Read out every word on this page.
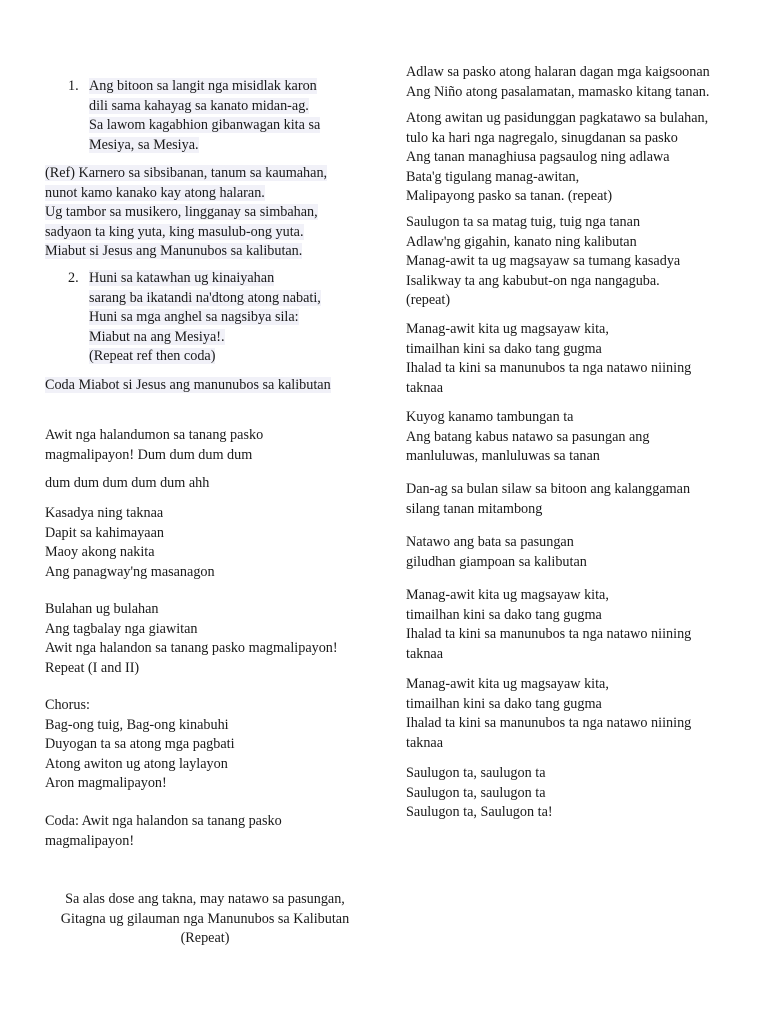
1. Ang bitoon sa langit nga misidlak karon
dili sama kahayag sa kanato midan-ag.
Sa lawom kagabhion gibanwagan kita sa
Mesiya, sa Mesiya.
(Ref) Karnero sa sibsibanan, tanum sa kaumahan,
nunot kamo kanako kay atong halaran.
Ug tambor sa musikero, lingganay sa simbahan,
sadyaon ta king yuta, king masulub-ong yuta.
Miabut si Jesus ang Manunubos sa kalibutan.
2. Huni sa katawhan ug kinaiyahan
sarang ba ikatandi na'dtong atong nabati,
Huni sa mga anghel sa nagsibya sila:
Miabut na ang Mesiya!.
(Repeat ref then coda)
Coda Miabot si Jesus ang manunubos sa kalibutan
Awit nga halandumon sa tanang pasko
magmalipayon! Dum dum dum dum
dum dum dum dum dum ahh
Kasadya ning taknaa
Dapit sa kahimayaan
Maoy akong nakita
Ang panagway'ng masanagon
Bulahan ug bulahan
Ang tagbalay nga giawitan
Awit nga halandon sa tanang pasko magmalipayon!
Repeat (I and II)
Chorus:
Bag-ong tuig, Bag-ong kinabuhi
Duyogan ta sa atong mga pagbati
Atong awiton ug atong laylayon
Aron magmalipayon!
Coda: Awit nga halandon sa tanang pasko
magmalipayon!
Sa alas dose ang takna, may natawo sa pasungan,
Gitagna ug gilauman nga Manunubos sa Kalibutan
(Repeat)
Adlaw sa pasko atong halaran dagan mga kaigsoonan
Ang Niño atong pasalamatan, mamasko kitang tanan.
Atong awitan ug pasidunggan pagkatawo sa bulahan,
tulo ka hari nga nagregalo, sinugdanan sa pasko
Ang tanan managhiusa pagsaulog ning adlawa
Bata'g tigulang manag-awitan,
Malipayong pasko sa tanan. (repeat)
Saulugon ta sa matag tuig, tuig nga tanan
Adlaw'ng gigahin, kanato ning kalibutan
Manag-awit ta ug magsayaw sa tumang kasadya
Isalikway ta ang kabubut-on nga nangaguba.
(repeat)
Manag-awit kita ug magsayaw kita,
timailhan kini sa dako tang gugma
Ihalad ta kini sa manunubos ta nga natawo niining
taknaa
Kuyog kanamo tambungan ta
Ang batang kabus natawo sa pasungan ang
manluluwas, manluluwas sa tanan
Dan-ag sa bulan silaw sa bitoon ang kalanggaman
silang tanan mitambong
Natawo ang bata sa pasungan
giludhan giampoan sa kalibutan
Manag-awit kita ug magsayaw kita,
timailhan kini sa dako tang gugma
Ihalad ta kini sa manunubos ta nga natawo niining
taknaa
Manag-awit kita ug magsayaw kita,
timailhan kini sa dako tang gugma
Ihalad ta kini sa manunubos ta nga natawo niining
taknaa
Saulugon ta, saulugon ta
Saulugon ta, saulugon ta
Saulugon ta, Saulugon ta!
